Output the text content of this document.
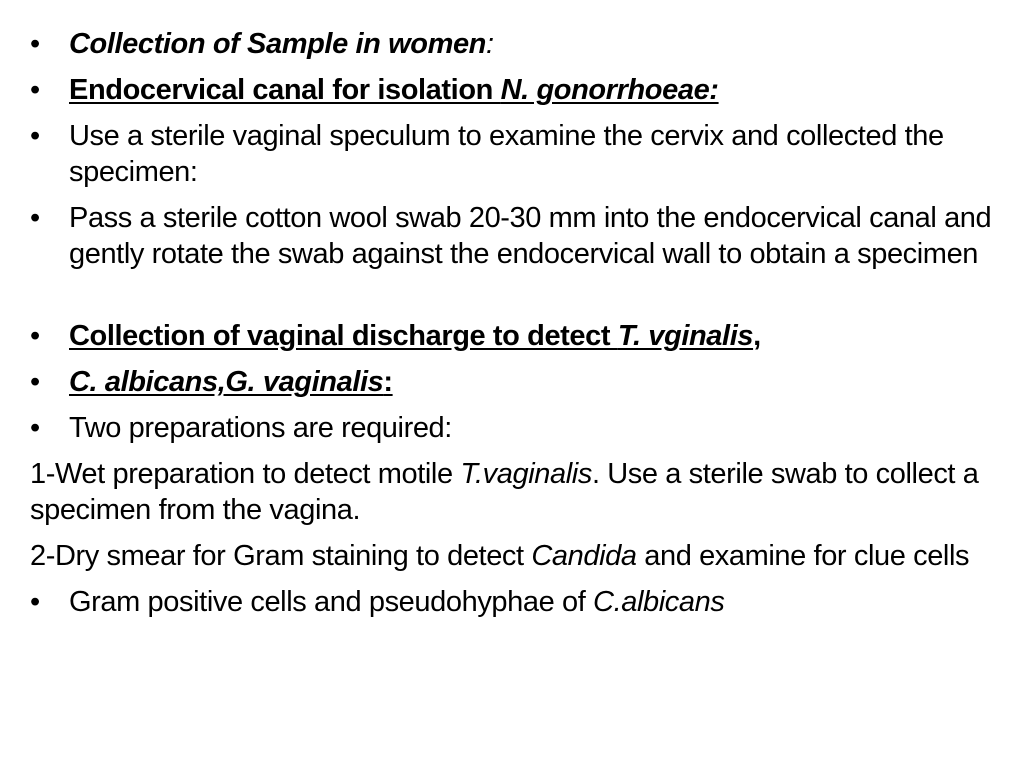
•	Collection of Sample in women:
•	Endocervical canal for isolation N. gonorrhoeae:
•	Use a sterile vaginal speculum to examine the cervix and collected the specimen:
•	Pass a sterile cotton wool swab 20-30 mm into the endocervical canal and gently rotate the swab against the endocervical wall to obtain a specimen
•	Collection of vaginal discharge to detect T. vginalis,
•	C. albicans,G. vaginalis:
•	Two preparations are required:
1-Wet preparation to detect motile T.vaginalis. Use a sterile swab to collect a specimen from the vagina.
2-Dry smear for Gram staining to detect Candida and examine for clue cells
•	Gram positive cells and pseudohyphae of C.albicans
